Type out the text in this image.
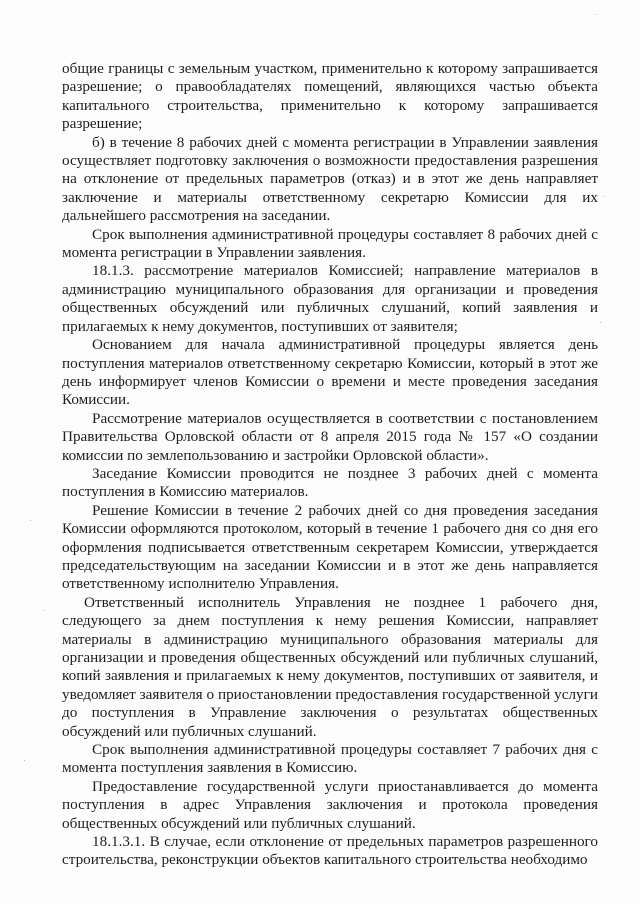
общие границы с земельным участком, применительно к которому запрашивается разрешение; о правообладателях помещений, являющихся частью объекта капитального строительства, применительно к которому запрашивается разрешение;

б) в течение 8 рабочих дней с момента регистрации в Управлении заявления осуществляет подготовку заключения о возможности предоставления разрешения на отклонение от предельных параметров (отказ) и в этот же день направляет заключение и материалы ответственному секретарю Комиссии для их дальнейшего рассмотрения на заседании.

Срок выполнения административной процедуры составляет 8 рабочих дней с момента регистрации в Управлении заявления.

18.1.3. рассмотрение материалов Комиссией; направление материалов в администрацию муниципального образования для организации и проведения общественных обсуждений или публичных слушаний, копий заявления и прилагаемых к нему документов, поступивших от заявителя;

Основанием для начала административной процедуры является день поступления материалов ответственному секретарю Комиссии, который в этот же день информирует членов Комиссии о времени и месте проведения заседания Комиссии.

Рассмотрение материалов осуществляется в соответствии с постановлением Правительства Орловской области от 8 апреля 2015 года № 157 «О создании комиссии по землепользованию и застройки Орловской области».

Заседание Комиссии проводится не позднее 3 рабочих дней с момента поступления в Комиссию материалов.

Решение Комиссии в течение 2 рабочих дней со дня проведения заседания Комиссии оформляются протоколом, который в течение 1 рабочего дня со дня его оформления подписывается ответственным секретарем Комиссии, утверждается председательствующим на заседании Комиссии и в этот же день направляется ответственному исполнителю Управления.

Ответственный исполнитель Управления не позднее 1 рабочего дня, следующего за днем поступления к нему решения Комиссии, направляет материалы в администрацию муниципального образования материалы для организации и проведения общественных обсуждений или публичных слушаний, копий заявления и прилагаемых к нему документов, поступивших от заявителя, и уведомляет заявителя о приостановлении предоставления государственной услуги до поступления в Управление заключения о результатах общественных обсуждений или публичных слушаний.

Срок выполнения административной процедуры составляет 7 рабочих дня с момента поступления заявления в Комиссию.

Предоставление государственной услуги приостанавливается до момента поступления в адрес Управления заключения и протокола проведения общественных обсуждений или публичных слушаний.

18.1.3.1. В случае, если отклонение от предельных параметров разрешенного строительства, реконструкции объектов капитального строительства необходимо
